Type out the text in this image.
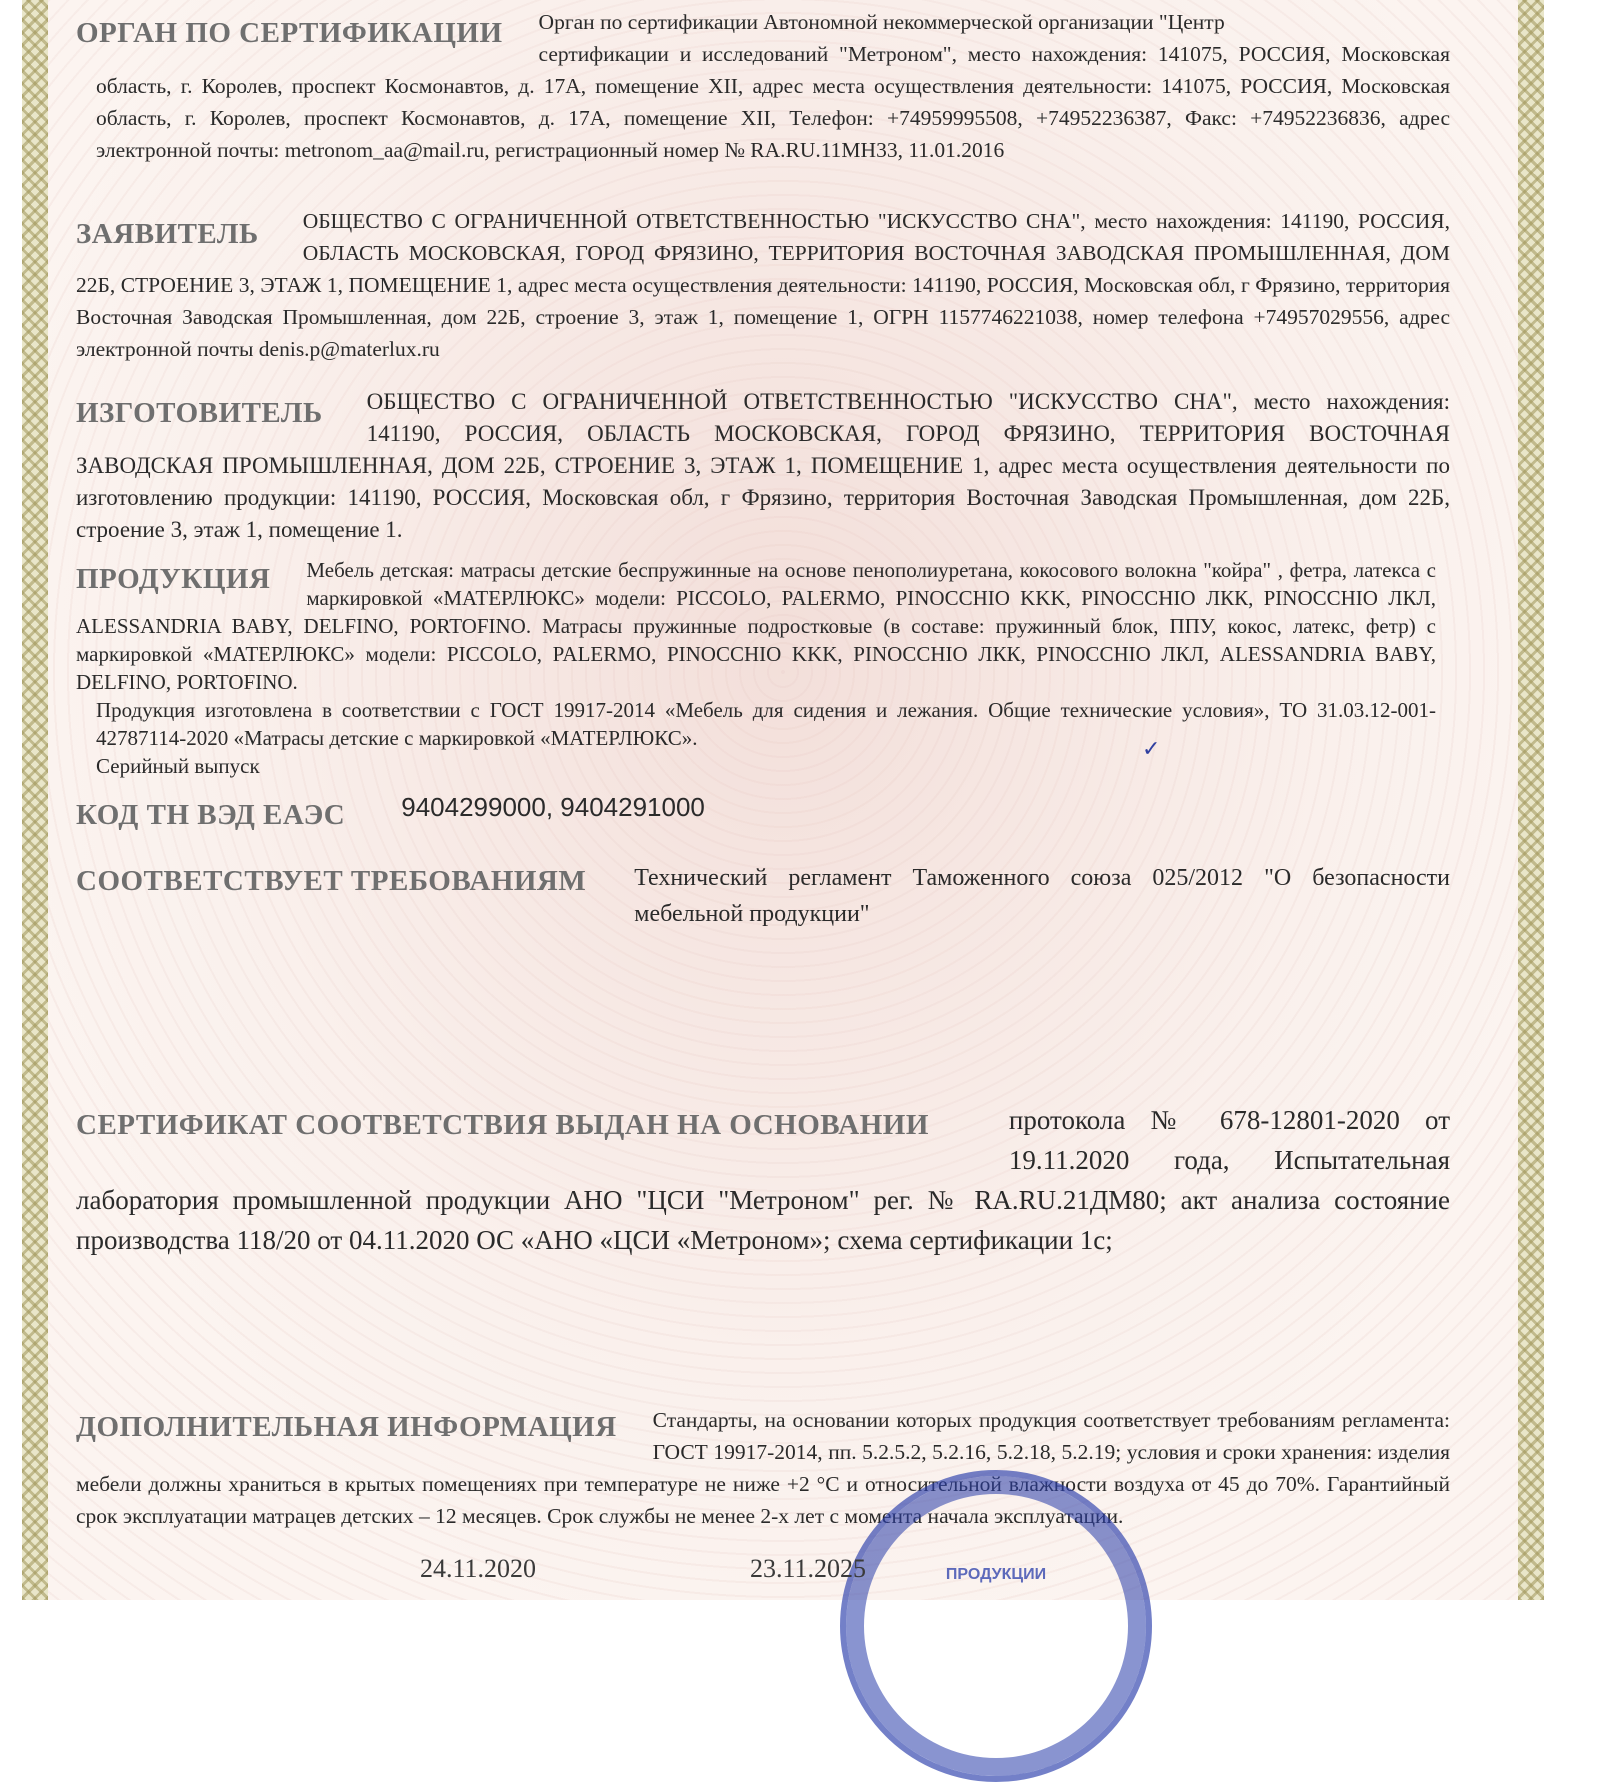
ОРГАН ПО СЕРТИФИКАЦИИ	Орган по сертификации Автономной некоммерческой организации "Центр
сертификации и исследований "Метроном", место нахождения: 141075, РОССИЯ, Московская область, г. Королев, проспект Космонавтов, д. 17А, помещение XII, адрес места осуществления деятельности: 141075, РОССИЯ, Московская область, г. Королев, проспект Космонавтов, д. 17А, помещение XII, Телефон: +74959995508, +74952236387, Факс: +74952236836, адрес электронной почты: metronom_aa@mail.ru, регистрационный номер № RA.RU.11МН33, 11.01.2016
ЗАЯВИТЕЛЬ	ОБЩЕСТВО С ОГРАНИЧЕННОЙ ОТВЕТСТВЕННОСТЬЮ "ИСКУССТВО СНА", место нахождения: 141190, РОССИЯ, ОБЛАСТЬ МОСКОВСКАЯ, ГОРОД ФРЯЗИНО, ТЕРРИТОРИЯ ВОСТОЧНАЯ ЗАВОДСКАЯ ПРОМЫШЛЕННАЯ, ДОМ 22Б, СТРОЕНИЕ 3, ЭТАЖ 1, ПОМЕЩЕНИЕ 1, адрес места осуществления деятельности: 141190, РОССИЯ, Московская обл, г Фрязино, территория Восточная Заводская Промышленная, дом 22Б, строение 3, этаж 1, помещение 1, ОГРН 1157746221038, номер телефона +74957029556, адрес электронной почты denis.p@materlux.ru
ИЗГОТОВИТЕЛЬ	ОБЩЕСТВО С ОГРАНИЧЕННОЙ ОТВЕТСТВЕННОСТЬЮ "ИСКУССТВО СНА", место нахождения: 141190, РОССИЯ, ОБЛАСТЬ МОСКОВСКАЯ, ГОРОД ФРЯЗИНО, ТЕРРИТОРИЯ ВОСТОЧНАЯ ЗАВОДСКАЯ ПРОМЫШЛЕННАЯ, ДОМ 22Б, СТРОЕНИЕ 3, ЭТАЖ 1, ПОМЕЩЕНИЕ 1, адрес места осуществления деятельности по изготовлению продукции: 141190, РОССИЯ, Московская обл, г Фрязино, территория Восточная Заводская Промышленная, дом 22Б, строение 3, этаж 1, помещение 1.
ПРОДУКЦИЯ	Мебель детская: матрасы детские беспружинные на основе пенополиуретана, кокосового волокна "койра" , фетра, латекса с маркировкой «МАТЕРЛЮКС» модели: PICCOLO, PALERMO, PINOCCHIO KKK, PINOCCHIO ЛКК, PINOCCHIO ЛКЛ, ALESSANDRIA BABY, DELFINO, PORTOFINO. Матрасы пружинные подростковые (в составе: пружинный блок, ППУ, кокос, латекс, фетр) с маркировкой «МАТЕРЛЮКС» модели: PICCOLO, PALERMO, PINOCCHIO KKK, PINOCCHIO ЛКК, PINOCCHIO ЛКЛ, ALESSANDRIA BABY, DELFINO, PORTOFINO.
Продукция изготовлена в соответствии с ГОСТ 19917-2014 «Мебель для сидения и лежания. Общие технические условия», ТО 31.03.12-001-42787114-2020 «Матрасы детские с маркировкой «МАТЕРЛЮКС».
Серийный выпуск
✓
КОД ТН ВЭД ЕАЭС	9404299000, 9404291000
СООТВЕТСТВУЕТ ТРЕБОВАНИЯМ	Технический регламент Таможенного союза 025/2012 "О безопасности мебельной продукции"
СЕРТИФИКАТ СООТВЕТСТВИЯ ВЫДАН НА ОСНОВАНИИ	протокола № 678-12801-2020 от 19.11.2020 года, Испытательная лаборатория промышленной продукции АНО "ЦСИ "Метроном" рег. № RA.RU.21ДМ80; акт анализа состояние производства 118/20 от 04.11.2020 ОС «АНО «ЦСИ «Метроном»; схема сертификации 1с;
ДОПОЛНИТЕЛЬНАЯ ИНФОРМАЦИЯ	Стандарты, на основании которых продукция соответствует требованиям регламента: ГОСТ 19917-2014, пп. 5.2.5.2, 5.2.16, 5.2.18, 5.2.19; условия и сроки хранения: изделия мебели должны храниться в крытых помещениях при температуре не ниже +2 °С и относительной влажности воздуха от 45 до 70%. Гарантийный срок эксплуатации матрацев детских – 12 месяцев. Срок службы не менее 2-х лет с момента начала эксплуатации.
ПРОДУКЦИИ
24.11.2020	23.11.2025
